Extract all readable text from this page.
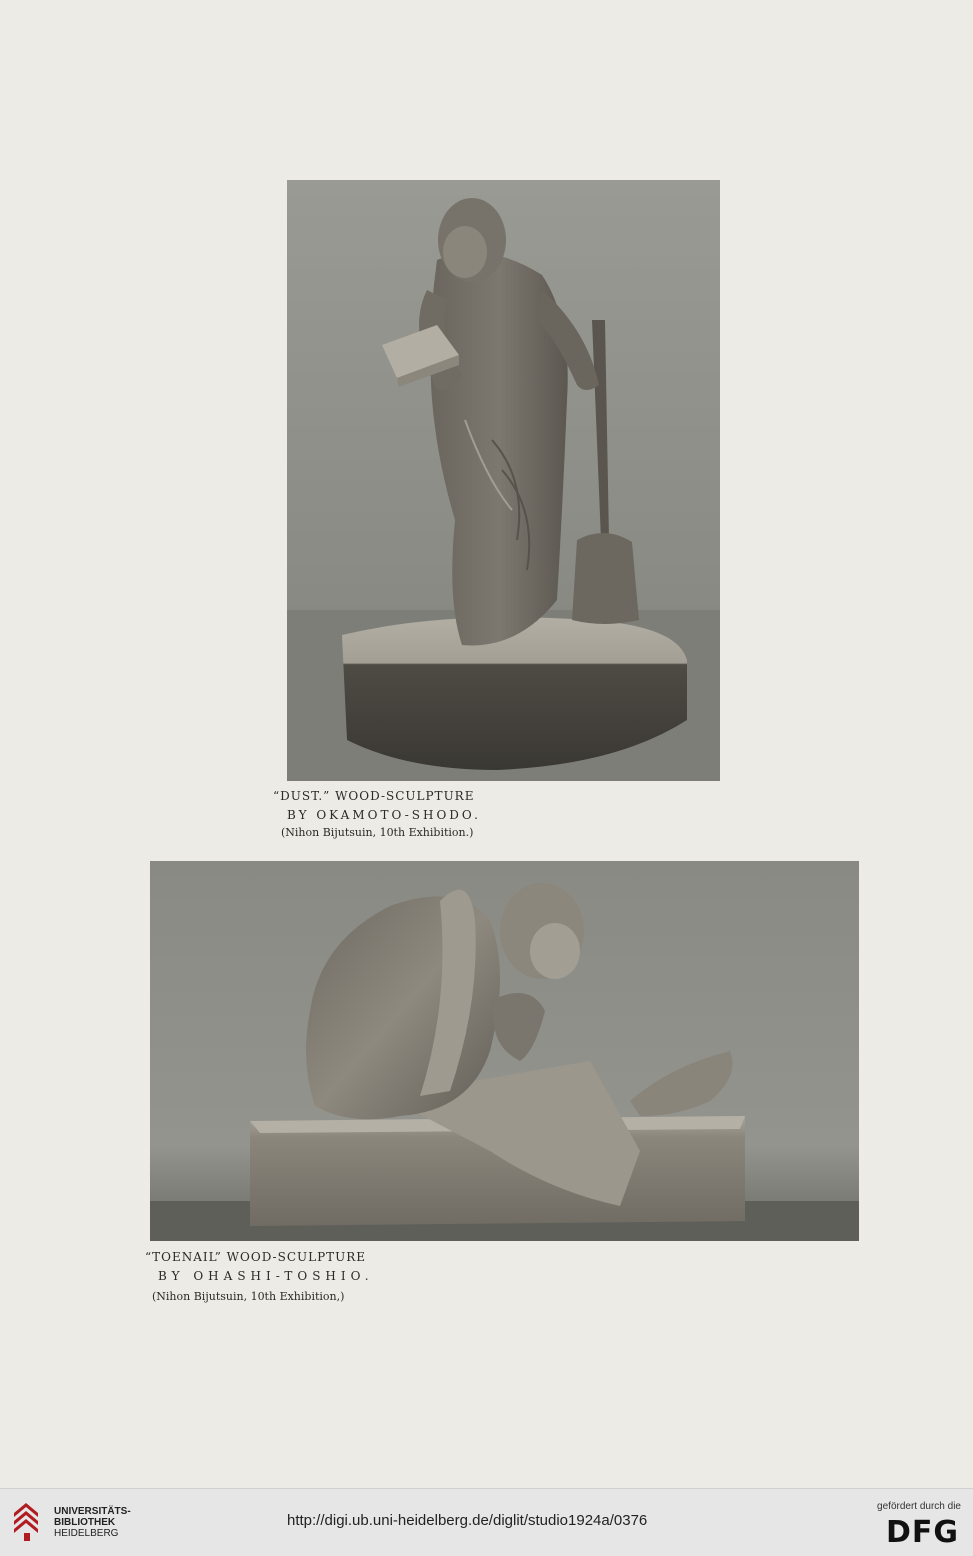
“DUST.” WOOD-SCULPTURE
BY OKAMOTO-SHODO.
(Nihon Bijutsuin, 10th Exhibition.)
“TOENAIL” WOOD-SCULPTURE
BY OHASHI-TOSHIO.
(Nihon Bijutsuin, 10th Exhibition,)
UNIVERSITÄTS-
BIBLIOTHEK
HEIDELBERG
http://digi.ub.uni-heidelberg.de/diglit/studio1924a/0376
gefördert durch die
DFG
